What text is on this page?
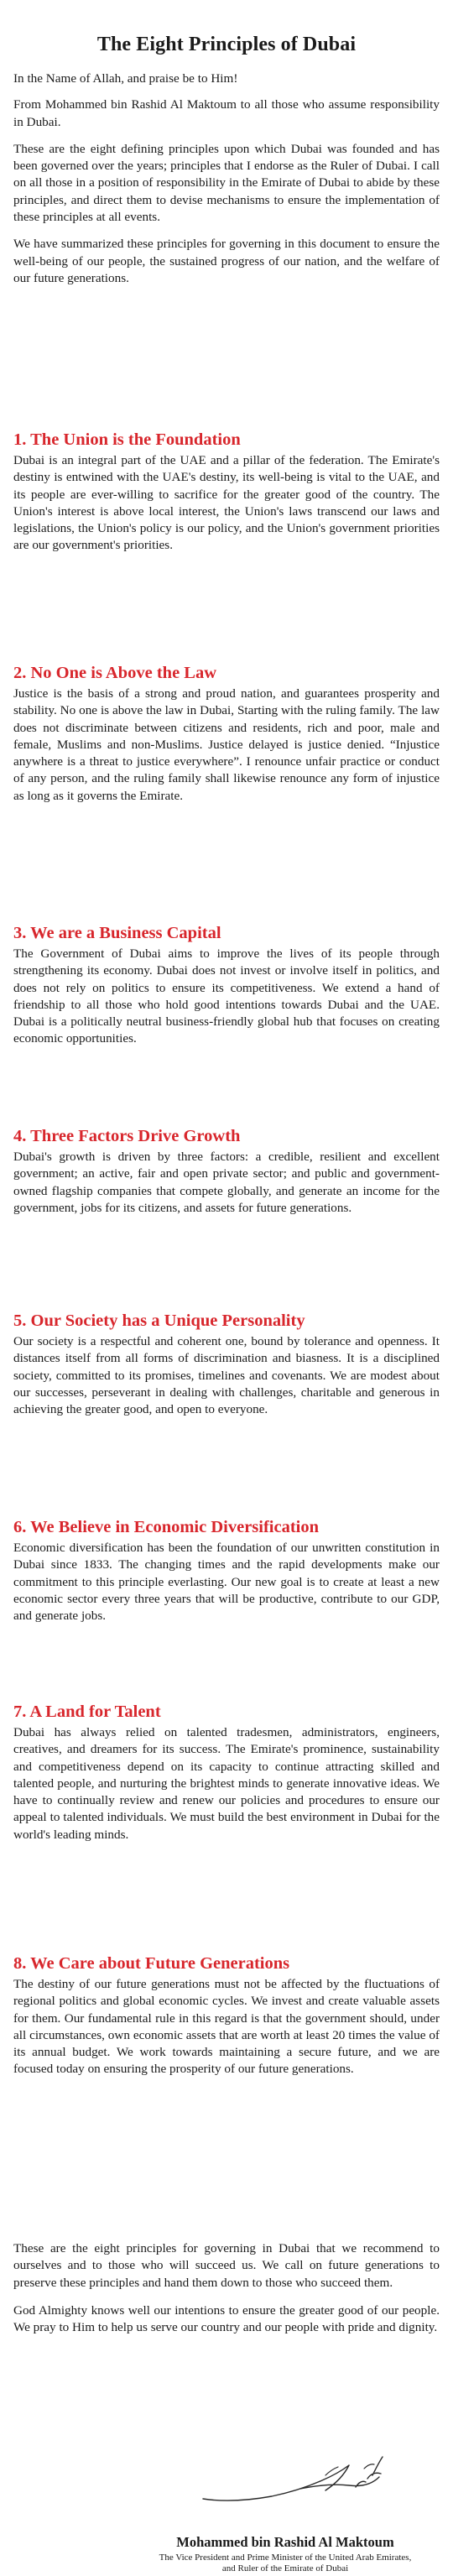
The Eight Principles of Dubai

In the Name of Allah, and praise be to Him!

From Mohammed bin Rashid Al Maktoum to all those who assume responsibility in Dubai.

These are the eight defining principles upon which Dubai was founded and has been governed over the years; principles that I endorse as the Ruler of Dubai. I call on all those in a position of responsibility in the Emirate of Dubai to abide by these principles, and direct them to devise mechanisms to ensure the implementation of these principles at all events.

We have summarized these principles for governing in this document to ensure the well-being of our people, the sustained progress of our nation, and the welfare of our future generations.

1. The Union is the Foundation

Dubai is an integral part of the UAE and a pillar of the federation. The Emirate's destiny is entwined with the UAE's destiny, its well-being is vital to the UAE, and its people are ever-willing to sacrifice for the greater good of the country. The Union's interest is above local interest, the Union's laws transcend our laws and legislations, the Union's policy is our policy, and the Union's government priorities are our government's priorities.

2. No One is Above the Law

Justice is the basis of a strong and proud nation, and guarantees prosperity and stability. No one is above the law in Dubai, Starting with the ruling family. The law does not discriminate between citizens and residents, rich and poor, male and female, Muslims and non-Muslims. Justice delayed is justice denied. “Injustice anywhere is a threat to justice everywhere”. I renounce unfair practice or conduct of any person, and the ruling family shall likewise renounce any form of injustice as long as it governs the Emirate.

3. We are a Business Capital

The Government of Dubai aims to improve the lives of its people through strengthening its economy. Dubai does not invest or involve itself in politics, and does not rely on politics to ensure its competitiveness. We extend a hand of friendship to all those who hold good intentions towards Dubai and the UAE. Dubai is a politically neutral business-friendly global hub that focuses on creating economic opportunities.

4. Three Factors Drive Growth

Dubai's growth is driven by three factors: a credible, resilient and excellent government; an active, fair and open private sector; and public and government-owned flagship companies that compete globally, and generate an income for the government, jobs for its citizens, and assets for future generations.

5. Our Society has a Unique Personality

Our society is a respectful and coherent one, bound by tolerance and openness. It distances itself from all forms of discrimination and biasness. It is a disciplined society, committed to its promises, timelines and covenants. We are modest about our successes, perseverant in dealing with challenges, charitable and generous in achieving the greater good, and open to everyone.

6. We Believe in Economic Diversification

Economic diversification has been the foundation of our unwritten constitution in Dubai since 1833. The changing times and the rapid developments make our commitment to this principle everlasting. Our new goal is to create at least a new economic sector every three years that will be productive, contribute to our GDP, and generate jobs.

7. A Land for Talent

Dubai has always relied on talented tradesmen, administrators, engineers, creatives, and dreamers for its success. The Emirate's prominence, sustainability and competitiveness depend on its capacity to continue attracting skilled and talented people, and nurturing the brightest minds to generate innovative ideas. We have to continually review and renew our policies and procedures to ensure our appeal to talented individuals. We must build the best environment in Dubai for the world's leading minds.

8. We Care about Future Generations

The destiny of our future generations must not be affected by the fluctuations of regional politics and global economic cycles. We invest and create valuable assets for them. Our fundamental rule in this regard is that the government should, under all circumstances, own economic assets that are worth at least 20 times the value of its annual budget. We work towards maintaining a secure future, and we are focused today on ensuring the prosperity of our future generations.

These are the eight principles for governing in Dubai that we recommend to ourselves and to those who will succeed us. We call on future generations to preserve these principles and hand them down to those who succeed them.

God Almighty knows well our intentions to ensure the greater good of our people. We pray to Him to help us serve our country and our people with pride and dignity.

Mohammed bin Rashid Al Maktoum
The Vice President and Prime Minister of the United Arab Emirates,
and Ruler of the Emirate of Dubai
